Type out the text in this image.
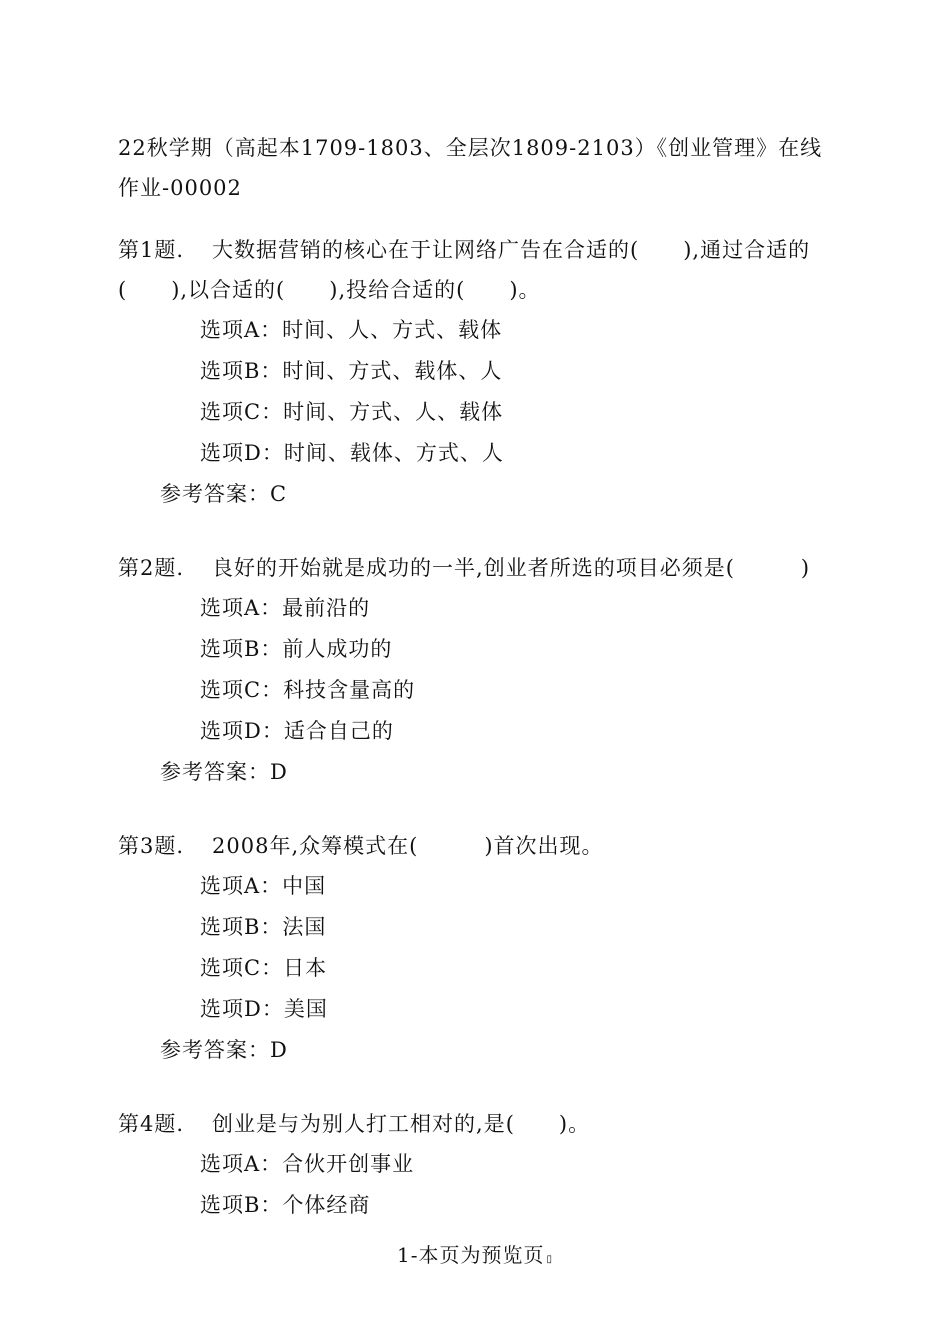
22秋学期（高起本1709-1803、全层次1809-2103）《创业管理》在线作业-00002
第1题. 大数据营销的核心在于让网络广告在合适的(　　),通过合适的(　　),以合适的(　　),投给合适的(　　)。
选项A：时间、人、方式、载体
选项B：时间、方式、载体、人
选项C：时间、方式、人、载体
选项D：时间、载体、方式、人
参考答案：C
第2题. 良好的开始就是成功的一半,创业者所选的项目必须是(　　　)
选项A：最前沿的
选项B：前人成功的
选项C：科技含量高的
选项D：适合自己的
参考答案：D
第3题. 2008年,众筹模式在(　　　)首次出现。
选项A：中国
选项B：法国
选项C：日本
选项D：美国
参考答案：D
第4题. 创业是与为别人打工相对的,是(　　)。
选项A：合伙开创事业
选项B：个体经商
1-本页为预览页 ▯
